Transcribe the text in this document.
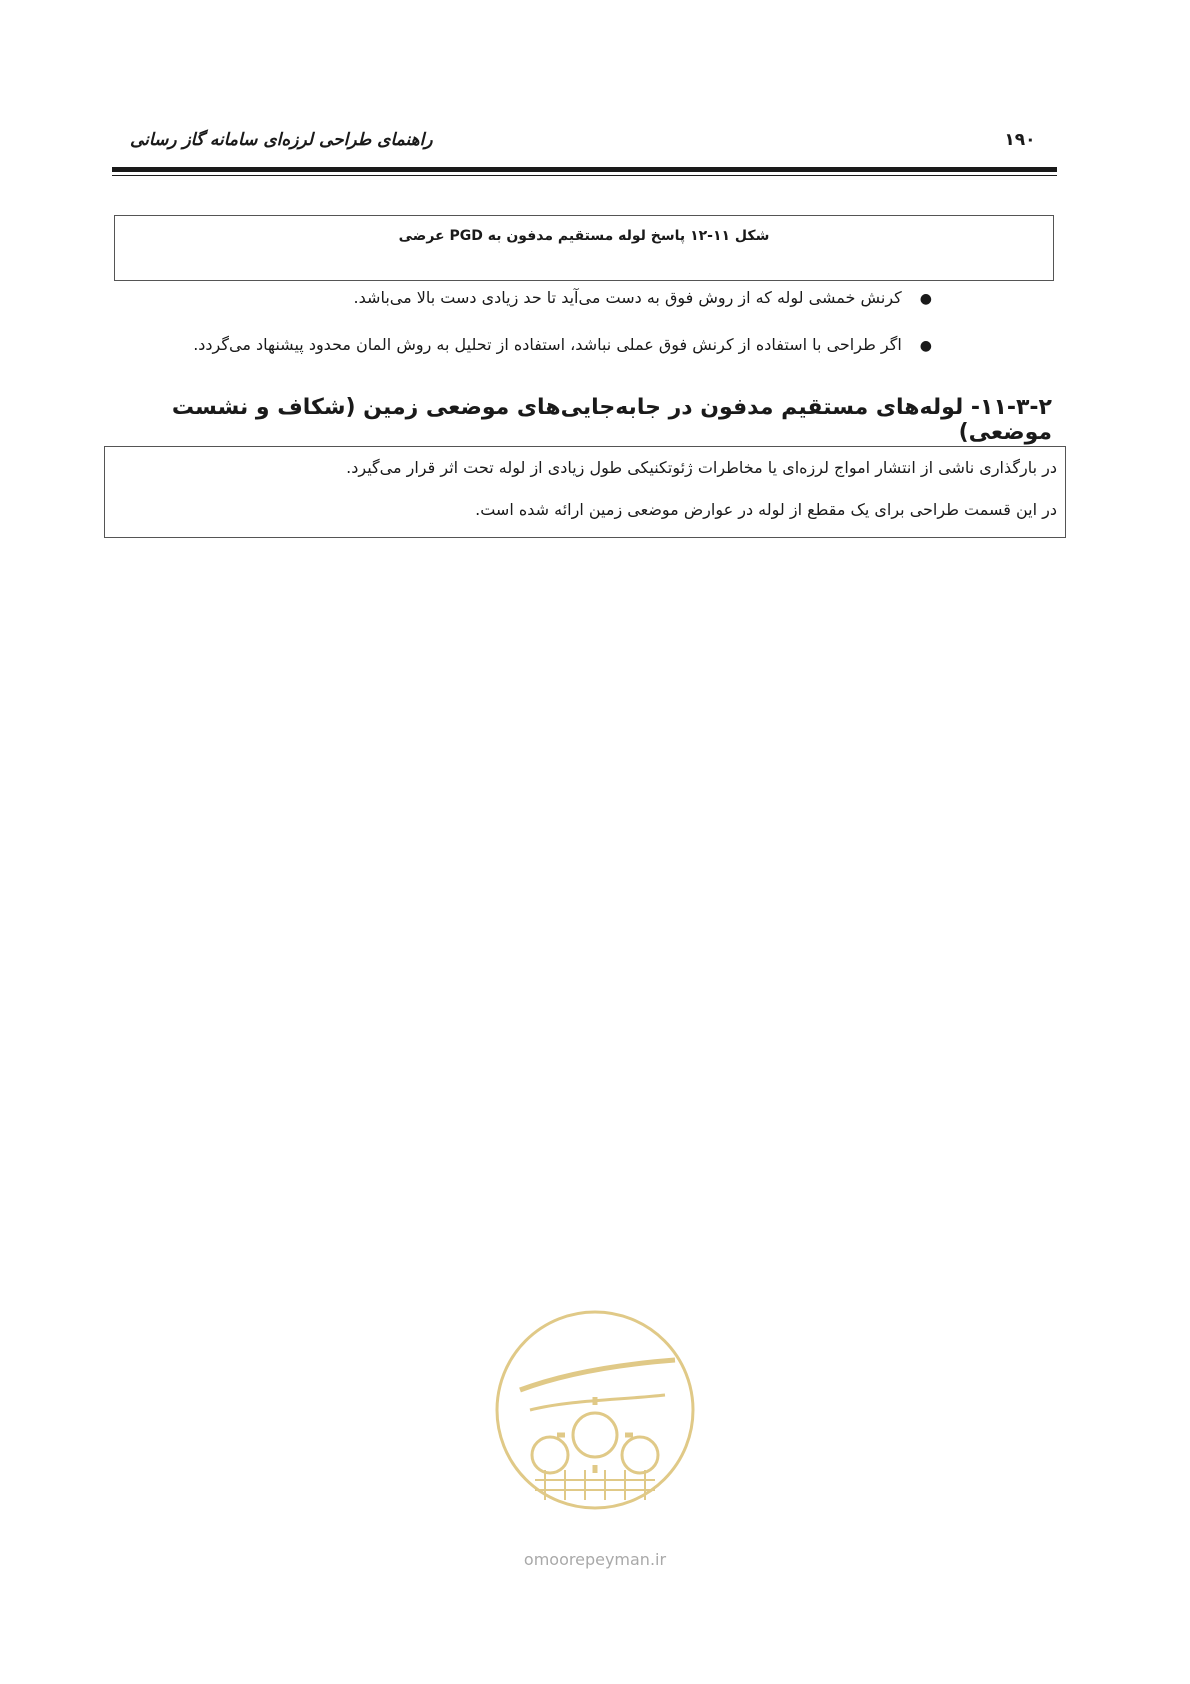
راهنمای طراحی لرزه‌ای سامانه گاز رسانی	۱۹۰
شکل ۱۱-۱۲ پاسخ لوله مستقیم مدفون به PGD عرضی
●کرنش خمشی لوله که از روش فوق به دست می‌آید تا حد زیادی دست بالا می‌باشد.
●اگر طراحی با استفاده از کرنش فوق عملی نباشد، استفاده از تحلیل به روش المان محدود پیشنهاد می‌گردد.
۱۱-۳-۲- لوله‌های مستقیم مدفون در جابه‌جایی‌های موضعی زمین (شکاف و نشست موضعی)
در بارگذاری ناشی از انتشار امواج لرزه‌ای یا مخاطرات ژئوتکنیکی طول زیادی از لوله تحت اثر قرار می‌گیرد.
در این قسمت طراحی برای یک مقطع از لوله در عوارض موضعی زمین ارائه شده است.
omoorepeyman.ir
